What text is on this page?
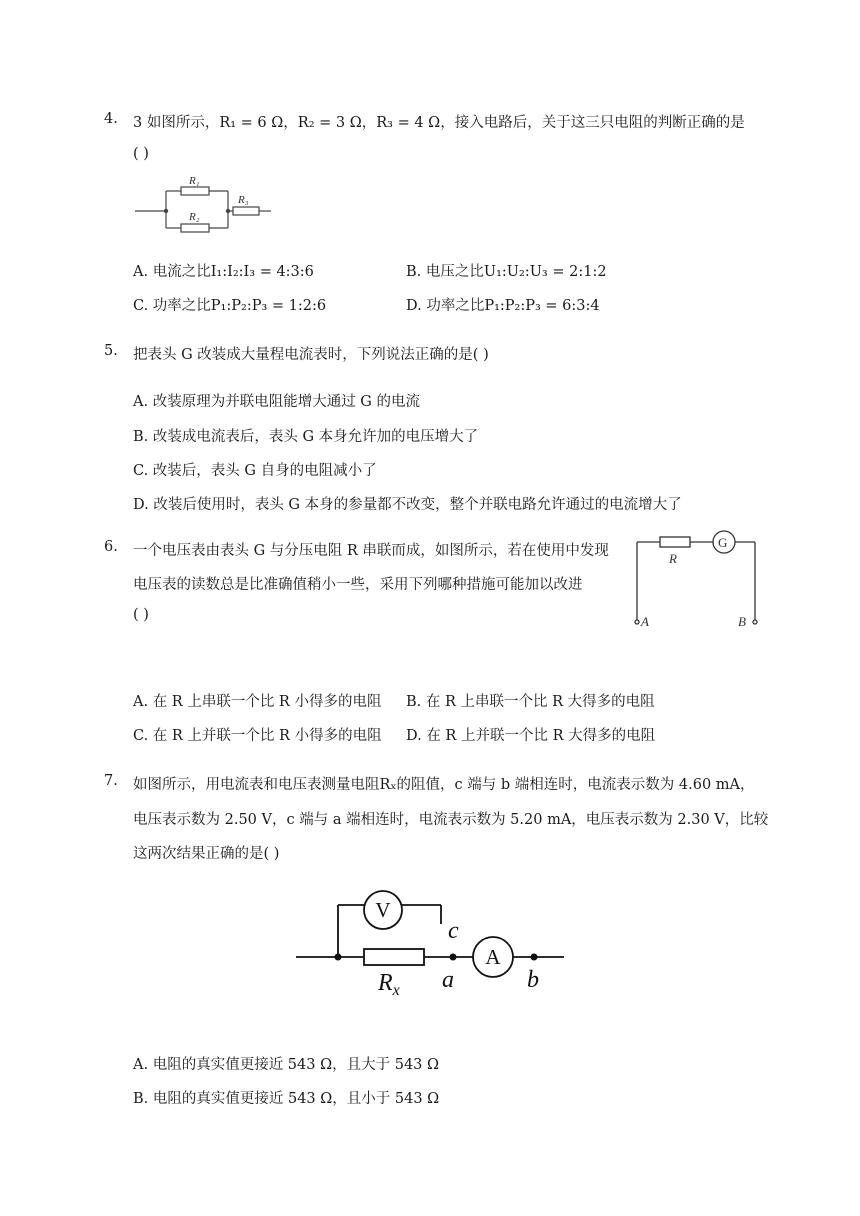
4. 3 如图所示，R₁ = 6 Ω，R₂ = 3 Ω，R₃ = 4 Ω，接入电路后，关于这三只电阻的判断正确的是
( )
R₁
R₂
R₃
A. 电流之比I₁:I₂:I₃ = 4:3:6	B. 电压之比U₁:U₂:U₃ = 2:1:2
C. 功率之比P₁:P₂:P₃ = 1:2:6	D. 功率之比P₁:P₂:P₃ = 6:3:4
5. 把表头 G 改装成大量程电流表时，下列说法正确的是( )
A. 改装原理为并联电阻能增大通过 G 的电流
B. 改装成电流表后，表头 G 本身允许加的电压增大了
C. 改装后，表头 G 自身的电阻减小了
D. 改装后使用时，表头 G 本身的参量都不改变，整个并联电路允许通过的电流增大了
6. 一个电压表由表头 G 与分压电阻 R 串联而成，如图所示，若在使用中发现
电压表的读数总是比准确值稍小一些，采用下列哪种措施可能加以改进
( )
G
R
A	B
A. 在 R 上串联一个比 R 小得多的电阻 B. 在 R 上串联一个比 R 大得多的电阻
C. 在 R 上并联一个比 R 小得多的电阻 D. 在 R 上并联一个比 R 大得多的电阻
7. 如图所示，用电流表和电压表测量电阻Rₓ的阻值，c 端与 b 端相连时，电流表示数为 4.60 mA，
电压表示数为 2.50 V，c 端与 a 端相连时，电流表示数为 5.20 mA，电压表示数为 2.30 V，比较
这两次结果正确的是( )
V
A
c
a	b
$R_x$
A. 电阻的真实值更接近 543 Ω，且大于 543 Ω
B. 电阻的真实值更接近 543 Ω，且小于 543 Ω
